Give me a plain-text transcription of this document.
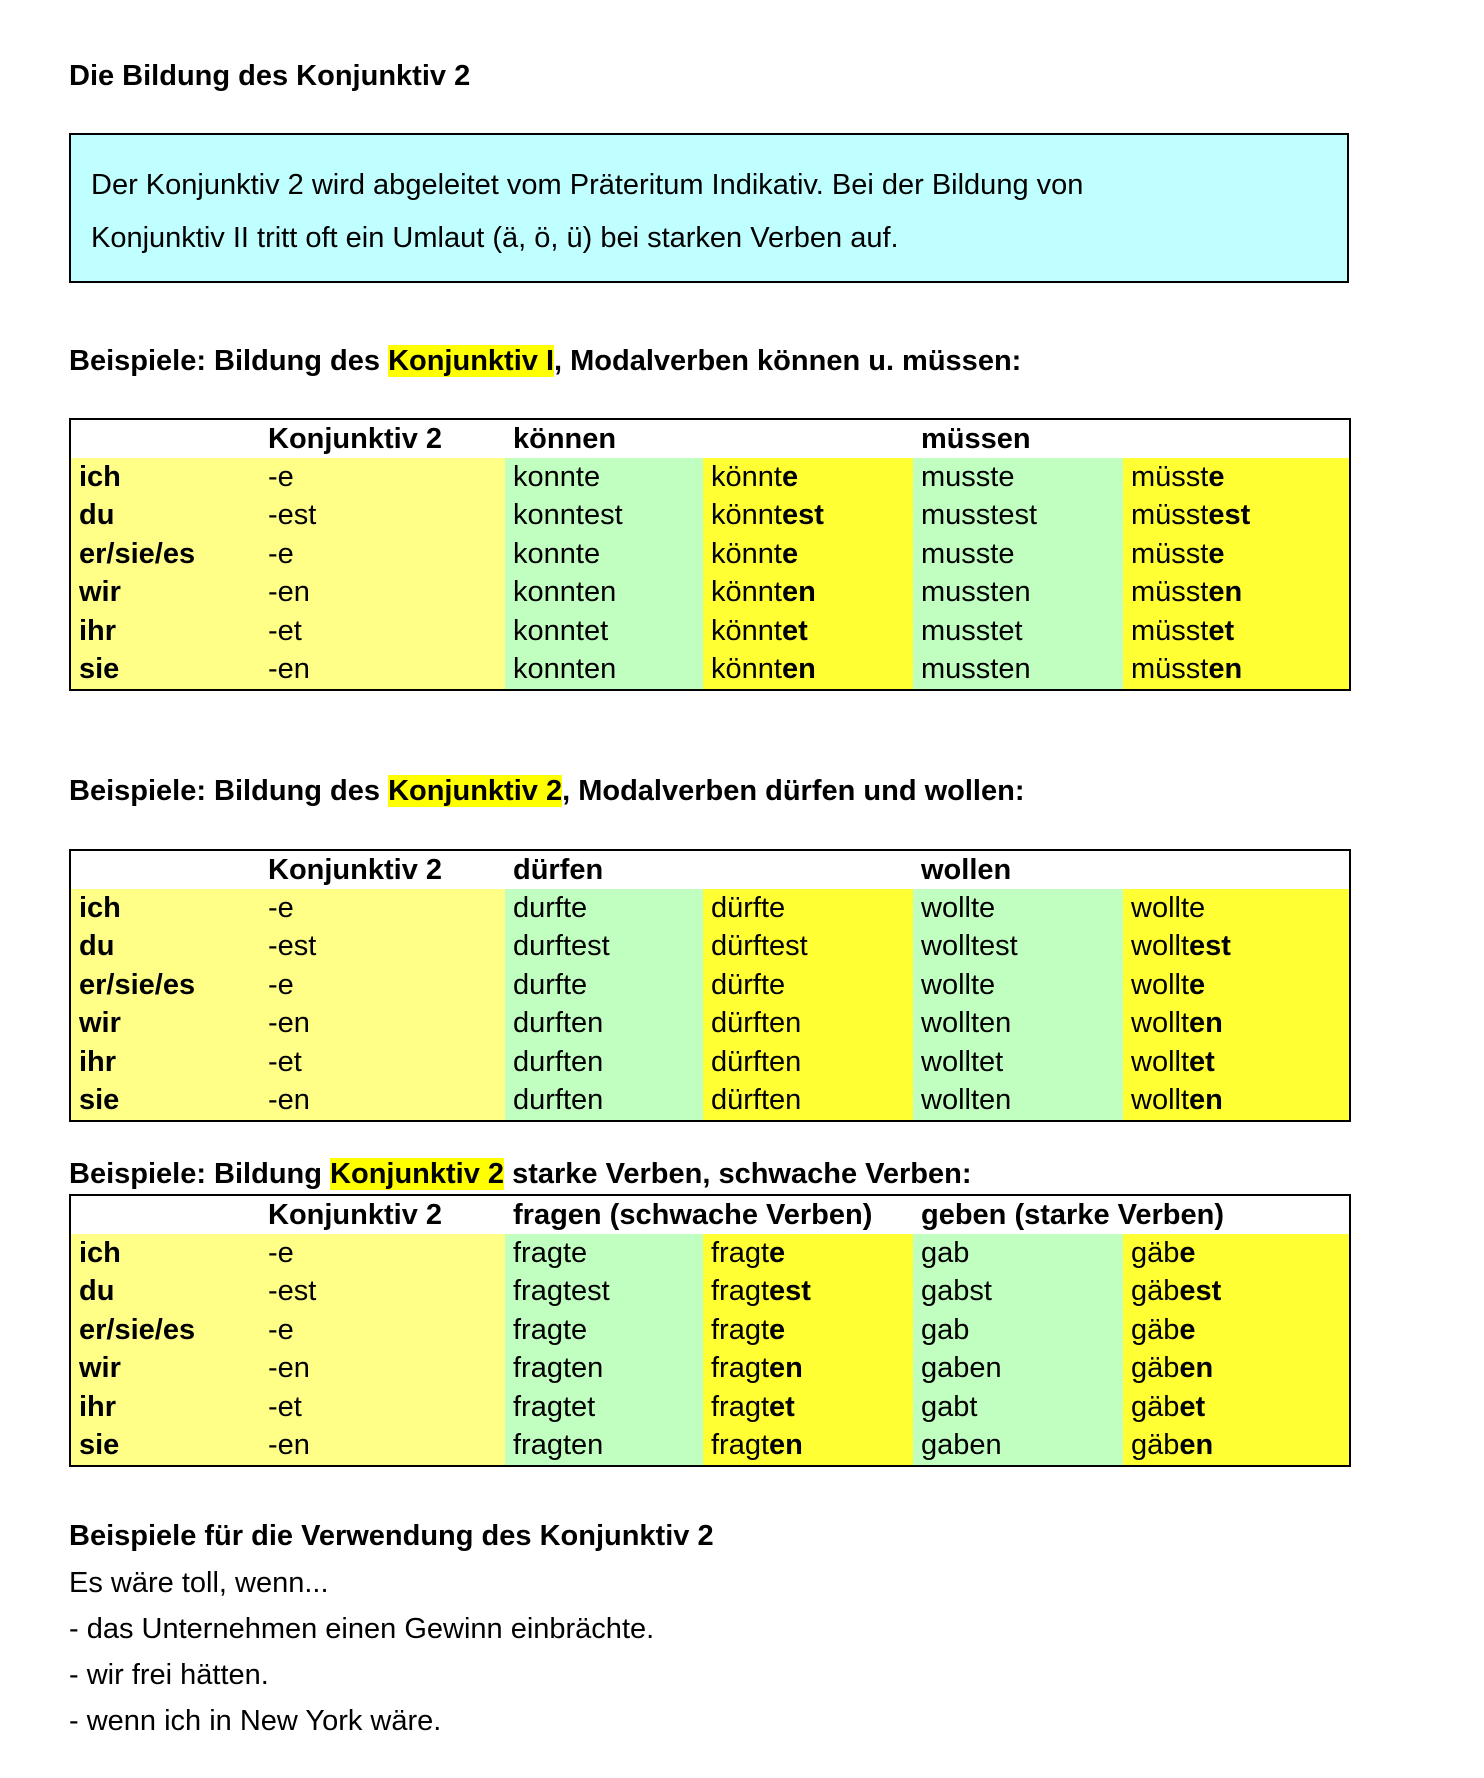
Die Bildung des Konjunktiv 2

Der Konjunktiv 2 wird abgeleitet vom Präteritum Indikativ. Bei der Bildung von

Konjunktiv II tritt oft ein Umlaut (ä, ö, ü) bei starken Verben auf.

Beispiele: Bildung des Konjunktiv I, Modalverben können u. müssen:
	Konjunktiv 2	können		müssen	
ich	-e	konnte	könnte	musste	müsste
du	-est	konntest	könntest	musstest	müsstest
er/sie/es	-e	konnte	könnte	musste	müsste
wir	-en	konnten	könnten	mussten	müssten
ihr	-et	konntet	könntet	musstet	müsstet
sie	-en	konnten	könnten	mussten	müssten
Beispiele: Bildung des Konjunktiv 2, Modalverben dürfen und wollen:
	Konjunktiv 2	dürfen		wollen	
ich	-e	durfte	dürfte	wollte	wollte
du	-est	durftest	dürftest	wolltest	wolltest
er/sie/es	-e	durfte	dürfte	wollte	wollte
wir	-en	durften	dürften	wollten	wollten
ihr	-et	durften	dürften	wolltet	wolltet
sie	-en	durften	dürften	wollten	wollten
Beispiele: Bildung Konjunktiv 2 starke Verben, schwache Verben:
	Konjunktiv 2	fragen (schwache Verben)		geben (starke Verben)	
ich	-e	fragte	fragte	gab	gäbe
du	-est	fragtest	fragtest	gabst	gäbest
er/sie/es	-e	fragte	fragte	gab	gäbe
wir	-en	fragten	fragten	gaben	gäben
ihr	-et	fragtet	fragtet	gabt	gäbet
sie	-en	fragten	fragten	gaben	gäben
Beispiele für die Verwendung des Konjunktiv 2
Es wäre toll, wenn...
- das Unternehmen einen Gewinn einbrächte.
- wir frei hätten.
- wenn ich in New York wäre.
